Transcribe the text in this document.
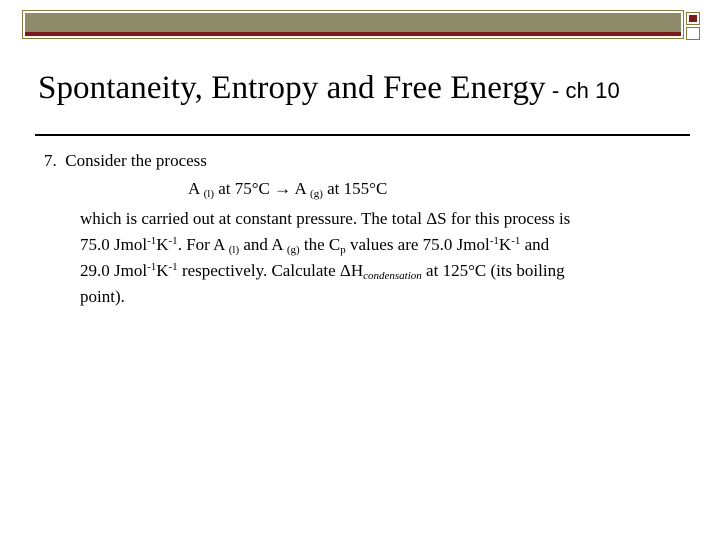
Spontaneity, Entropy and Free Energy - ch 10
7. Consider the process
A $_{(l)}$ at 75°C → A $_{(g)}$ at 155°C
which is carried out at constant pressure. The total ΔS for this process is
75.0 $Jmol^{-1}K^{-1}$. For A $_{(l)}$ and A $_{(g)}$ the $C_p$ values are 75.0 $Jmol^{-1}K^{-1}$ and
29.0 $Jmol^{-1}K^{-1}$ respectively. Calculate $\Delta H_{condensation}$ at 125°C (its boiling
point).
